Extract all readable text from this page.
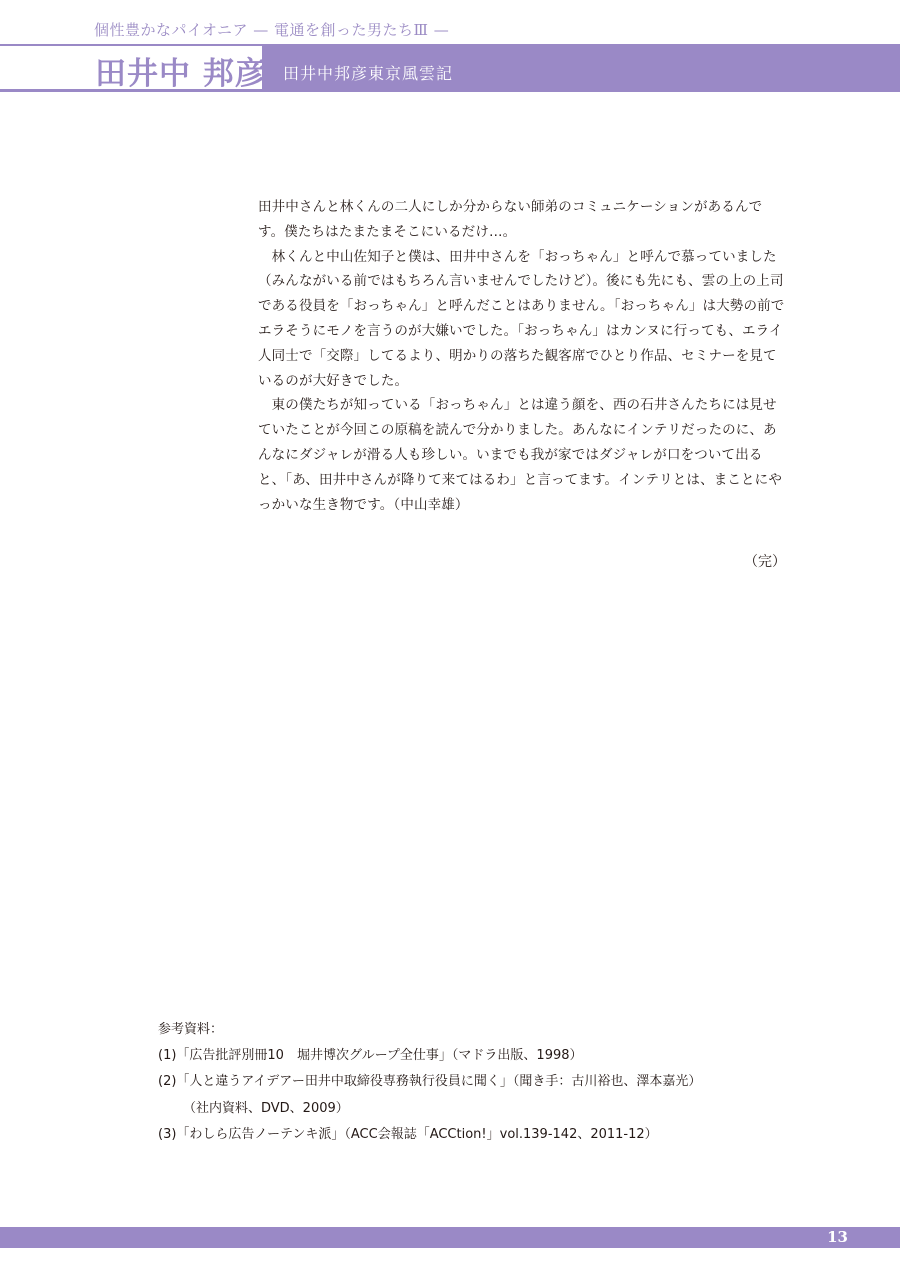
個性豊かなパイオニア — 電通を創った男たちⅢ —
田井中 邦彦 田井中邦彦東京風雲記

田井中さんと林くんの二人にしか分からない師弟のコミュニケーションがあるんです。僕たちはたまたまそこにいるだけ…。

　林くんと中山佐知子と僕は、田井中さんを「おっちゃん」と呼んで慕っていました（みんながいる前ではもちろん言いませんでしたけど）。後にも先にも、雲の上の上司である役員を「おっちゃん」と呼んだことはありません。「おっちゃん」は大勢の前でエラそうにモノを言うのが大嫌いでした。「おっちゃん」はカンヌに行っても、エライ人同士で「交際」してるより、明かりの落ちた観客席でひとり作品、セミナーを見ているのが大好きでした。

　東の僕たちが知っている「おっちゃん」とは違う顔を、西の石井さんたちには見せていたことが今回この原稿を読んで分かりました。あんなにインテリだったのに、あんなにダジャレが滑る人も珍しい。いまでも我が家ではダジャレが口をついて出ると、「あ、田井中さんが降りて来てはるわ」と言ってます。インテリとは、まことにやっかいな生き物です。（中山幸雄）

（完）
参考資料：
(1)「広告批評別冊10　堀井博次グループ全仕事」（マドラ出版、1998）
(2)「人と違うアイデアー田井中取締役専務執行役員に聞く」（聞き手：古川裕也、澤本嘉光）
（社内資料、DVD、2009）
(3)「わしら広告ノーテンキ派」（ACC会報誌「ACCtion!」vol.139-142、2011-12）
13
